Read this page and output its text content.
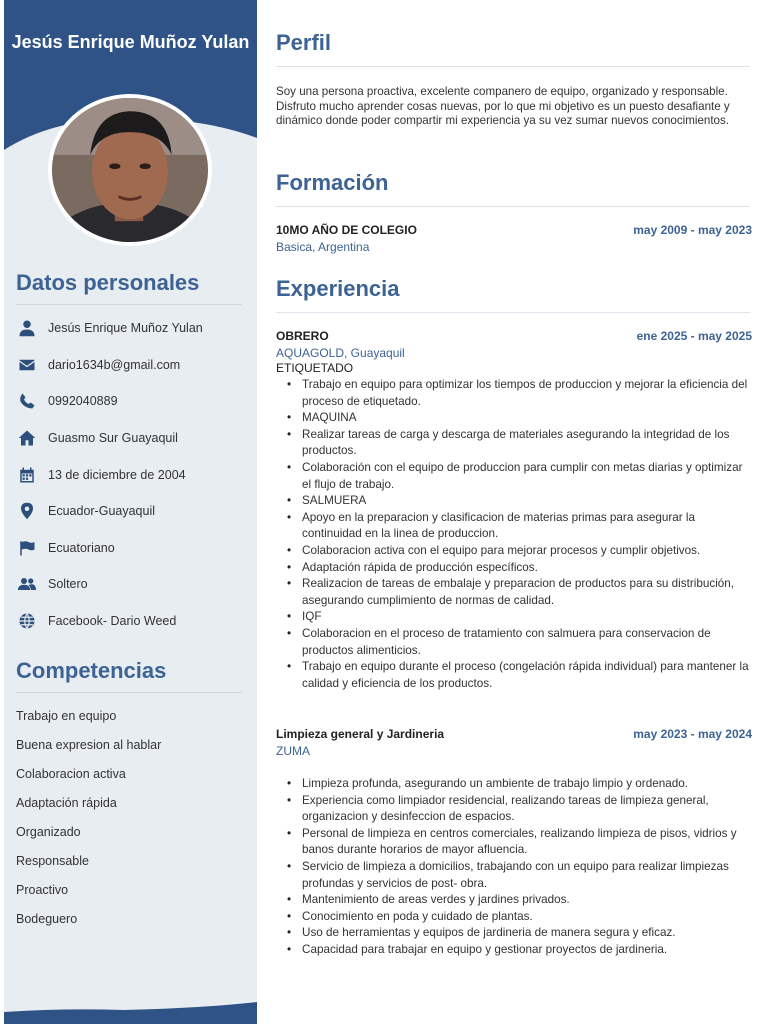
Jesús Enrique Muñoz Yulan
Datos personales
Jesús Enrique Muñoz Yulan
dario1634b@gmail.com
0992040889
Guasmo Sur Guayaquil
13 de diciembre de 2004
Ecuador-Guayaquil
Ecuatoriano
Soltero
Facebook- Dario Weed
Competencias
Trabajo en equipo
Buena expresion al hablar
Colaboracion activa
Adaptación rápida
Organizado
Responsable
Proactivo
Bodeguero
Perfil

Soy una persona proactiva, excelente companero de equipo, organizado y responsable. Disfruto mucho aprender cosas nuevas, por lo que mi objetivo es un puesto desafiante y dinámico donde poder compartir mi experiencia ya su vez sumar nuevos conocimientos.

Formación
10MO AÑO DE COLEGIO	may 2009 - may 2023
Basica, Argentina
Experiencia
OBRERO	ene 2025 - may 2025
AQUAGOLD, Guayaquil
ETIQUETADO
• Trabajo en equipo para optimizar los tiempos de produccion y mejorar la eficiencia del proceso de etiquetado.
• MAQUINA
• Realizar tareas de carga y descarga de materiales asegurando la integridad de los productos.
• Colaboración con el equipo de produccion para cumplir con metas diarias y optimizar el flujo de trabajo.
• SALMUERA
• Apoyo en la preparacion y clasificacion de materias primas para asegurar la continuidad en la linea de produccion.
• Colaboracion activa con el equipo para mejorar procesos y cumplir objetivos.
• Adaptación rápida de producción específicos.
• Realizacion de tareas de embalaje y preparacion de productos para su distribución, asegurando cumplimiento de normas de calidad.
• IQF
• Colaboracion en el proceso de tratamiento con salmuera para conservacion de productos alimenticios.
• Trabajo en equipo durante el proceso (congelación rápida individual) para mantener la calidad y eficiencia de los productos.
Limpieza general y Jardineria	may 2023 - may 2024
ZUMA
• Limpieza profunda, asegurando un ambiente de trabajo limpio y ordenado.
• Experiencia como limpiador residencial, realizando tareas de limpieza general, organizacion y desinfeccion de espacios.
• Personal de limpieza en centros comerciales, realizando limpieza de pisos, vidrios y banos durante horarios de mayor afluencia.
• Servicio de limpieza a domicilios, trabajando con un equipo para realizar limpiezas profundas y servicios de post- obra.
• Mantenimiento de areas verdes y jardines privados.
• Conocimiento en poda y cuidado de plantas.
• Uso de herramientas y equipos de jardineria de manera segura y eficaz.
• Capacidad para trabajar en equipo y gestionar proyectos de jardineria.
